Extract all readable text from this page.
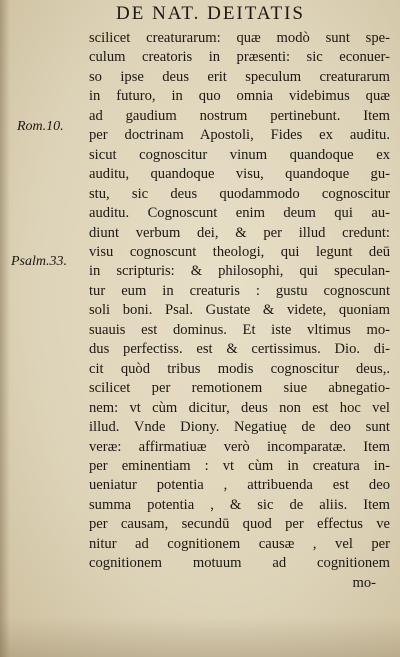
DE NAT. DEITATIS
Rom.10.
Psalm.33.
scilicet creaturarum: quæ modò sunt spe-
culum creatoris in præsenti: sic econuer-
so ipse deus erit speculum creaturarum
in futuro, in quo omnia videbimus quæ
ad gaudium nostrum pertinebunt. Item
per doctrinam Apostoli, Fides ex auditu.
sicut cognoscitur vinum quandoque ex
auditu, quandoque visu, quandoque gu-
stu, sic deus quodammodo cognoscitur
auditu. Cognoscunt enim deum qui au-
diunt verbum dei, & per illud credunt:
visu cognoscunt theologi, qui legunt deū
in scripturis: & philosophi, qui speculan-
tur eum in creaturis : gustu cognoscunt
soli boni. Psal. Gustate & videte, quoniam
suauis est dominus. Et iste vltimus mo-
dus perfectiss. est & certissimus. Dio. di-
cit quòd tribus modis cognoscitur deus,.
scilicet per remotionem siue abnegatio-
nem: vt cùm dicitur, deus non est hoc vel
illud. Vnde Diony. Negatiuę de deo sunt
veræ: affirmatiuæ verò incomparatæ. Item
per eminentiam : vt cùm in creatura in-
ueniatur potentia , attribuenda est deo
summa potentia , & sic de aliis. Item
per causam, secundū quod per effectus ve
nitur ad cognitionem causæ , vel per
cognitionem motuum ad cognitionem
mo-
